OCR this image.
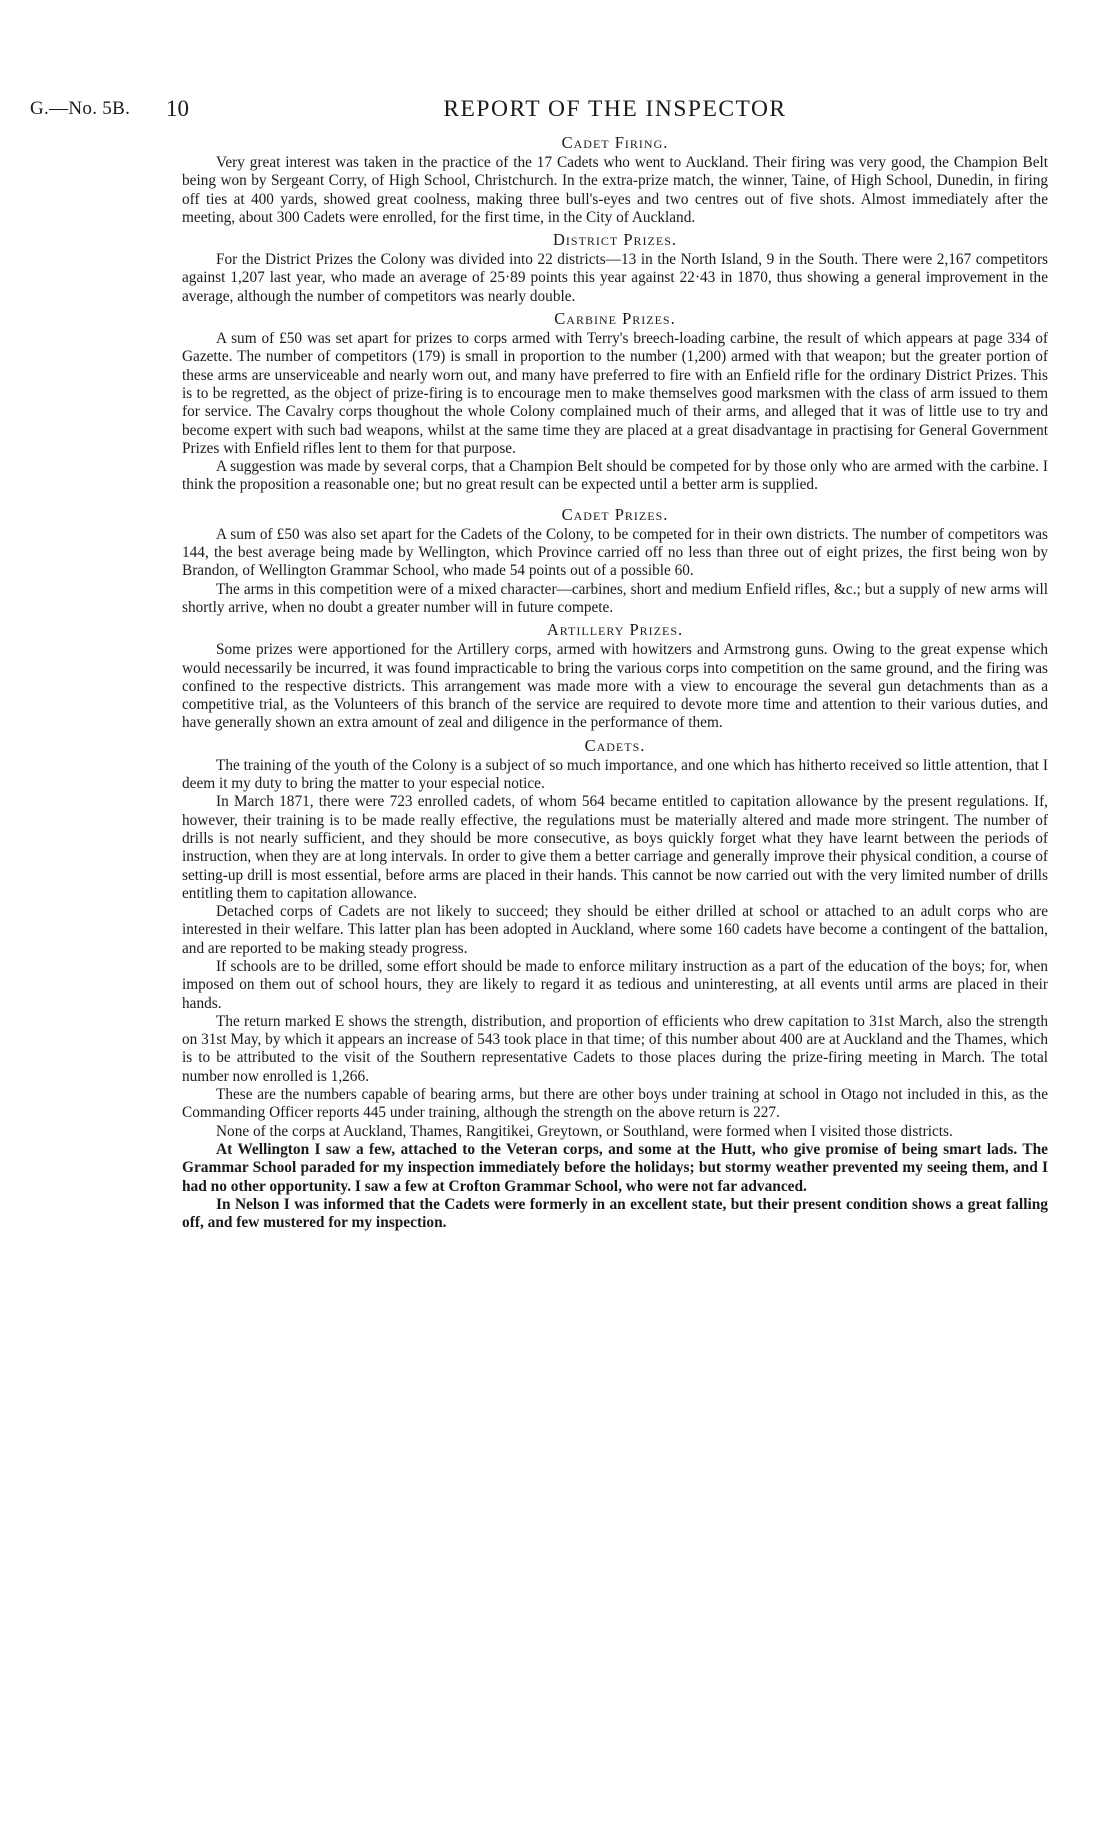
G.—No. 5B. 10	REPORT OF THE INSPECTOR
Cadet Firing.

Very great interest was taken in the practice of the 17 Cadets who went to Auckland. Their firing was very good, the Champion Belt being won by Sergeant Corry, of High School, Christchurch. In the extra-prize match, the winner, Taine, of High School, Dunedin, in firing off ties at 400 yards, showed great coolness, making three bull's-eyes and two centres out of five shots. Almost immediately after the meeting, about 300 Cadets were enrolled, for the first time, in the City of Auckland.

District Prizes.

For the District Prizes the Colony was divided into 22 districts—13 in the North Island, 9 in the South. There were 2,167 competitors against 1,207 last year, who made an average of 25·89 points this year against 22·43 in 1870, thus showing a general improvement in the average, although the number of competitors was nearly double.

Carbine Prizes.

A sum of £50 was set apart for prizes to corps armed with Terry's breech-loading carbine, the result of which appears at page 334 of Gazette. The number of competitors (179) is small in proportion to the number (1,200) armed with that weapon; but the greater portion of these arms are unserviceable and nearly worn out, and many have preferred to fire with an Enfield rifle for the ordinary District Prizes. This is to be regretted, as the object of prize-firing is to encourage men to make themselves good marksmen with the class of arm issued to them for service. The Cavalry corps thoughout the whole Colony complained much of their arms, and alleged that it was of little use to try and become expert with such bad weapons, whilst at the same time they are placed at a great disadvantage in practising for General Government Prizes with Enfield rifles lent to them for that purpose.

A suggestion was made by several corps, that a Champion Belt should be competed for by those only who are armed with the carbine. I think the proposition a reasonable one; but no great result can be expected until a better arm is supplied.

Cadet Prizes.

A sum of £50 was also set apart for the Cadets of the Colony, to be competed for in their own districts. The number of competitors was 144, the best average being made by Wellington, which Province carried off no less than three out of eight prizes, the first being won by Brandon, of Wellington Grammar School, who made 54 points out of a possible 60.

The arms in this competition were of a mixed character—carbines, short and medium Enfield rifles, &c.; but a supply of new arms will shortly arrive, when no doubt a greater number will in future compete.

Artillery Prizes.

Some prizes were apportioned for the Artillery corps, armed with howitzers and Armstrong guns. Owing to the great expense which would necessarily be incurred, it was found impracticable to bring the various corps into competition on the same ground, and the firing was confined to the respective districts. This arrangement was made more with a view to encourage the several gun detachments than as a competitive trial, as the Volunteers of this branch of the service are required to devote more time and attention to their various duties, and have generally shown an extra amount of zeal and diligence in the performance of them.

Cadets.

The training of the youth of the Colony is a subject of so much importance, and one which has hitherto received so little attention, that I deem it my duty to bring the matter to your especial notice.

In March 1871, there were 723 enrolled cadets, of whom 564 became entitled to capitation allowance by the present regulations. If, however, their training is to be made really effective, the regulations must be materially altered and made more stringent. The number of drills is not nearly sufficient, and they should be more consecutive, as boys quickly forget what they have learnt between the periods of instruction, when they are at long intervals. In order to give them a better carriage and generally improve their physical condition, a course of setting-up drill is most essential, before arms are placed in their hands. This cannot be now carried out with the very limited number of drills entitling them to capitation allowance.

Detached corps of Cadets are not likely to succeed; they should be either drilled at school or attached to an adult corps who are interested in their welfare. This latter plan has been adopted in Auckland, where some 160 cadets have become a contingent of the battalion, and are reported to be making steady progress.

If schools are to be drilled, some effort should be made to enforce military instruction as a part of the education of the boys; for, when imposed on them out of school hours, they are likely to regard it as tedious and uninteresting, at all events until arms are placed in their hands.

The return marked E shows the strength, distribution, and proportion of efficients who drew capitation to 31st March, also the strength on 31st May, by which it appears an increase of 543 took place in that time; of this number about 400 are at Auckland and the Thames, which is to be attributed to the visit of the Southern representative Cadets to those places during the prize-firing meeting in March. The total number now enrolled is 1,266.

These are the numbers capable of bearing arms, but there are other boys under training at school in Otago not included in this, as the Commanding Officer reports 445 under training, although the strength on the above return is 227.

None of the corps at Auckland, Thames, Rangitikei, Greytown, or Southland, were formed when I visited those districts.

At Wellington I saw a few, attached to the Veteran corps, and some at the Hutt, who give promise of being smart lads. The Grammar School paraded for my inspection immediately before the holidays; but stormy weather prevented my seeing them, and I had no other opportunity. I saw a few at Crofton Grammar School, who were not far advanced.

In Nelson I was informed that the Cadets were formerly in an excellent state, but their present condition shows a great falling off, and few mustered for my inspection.
